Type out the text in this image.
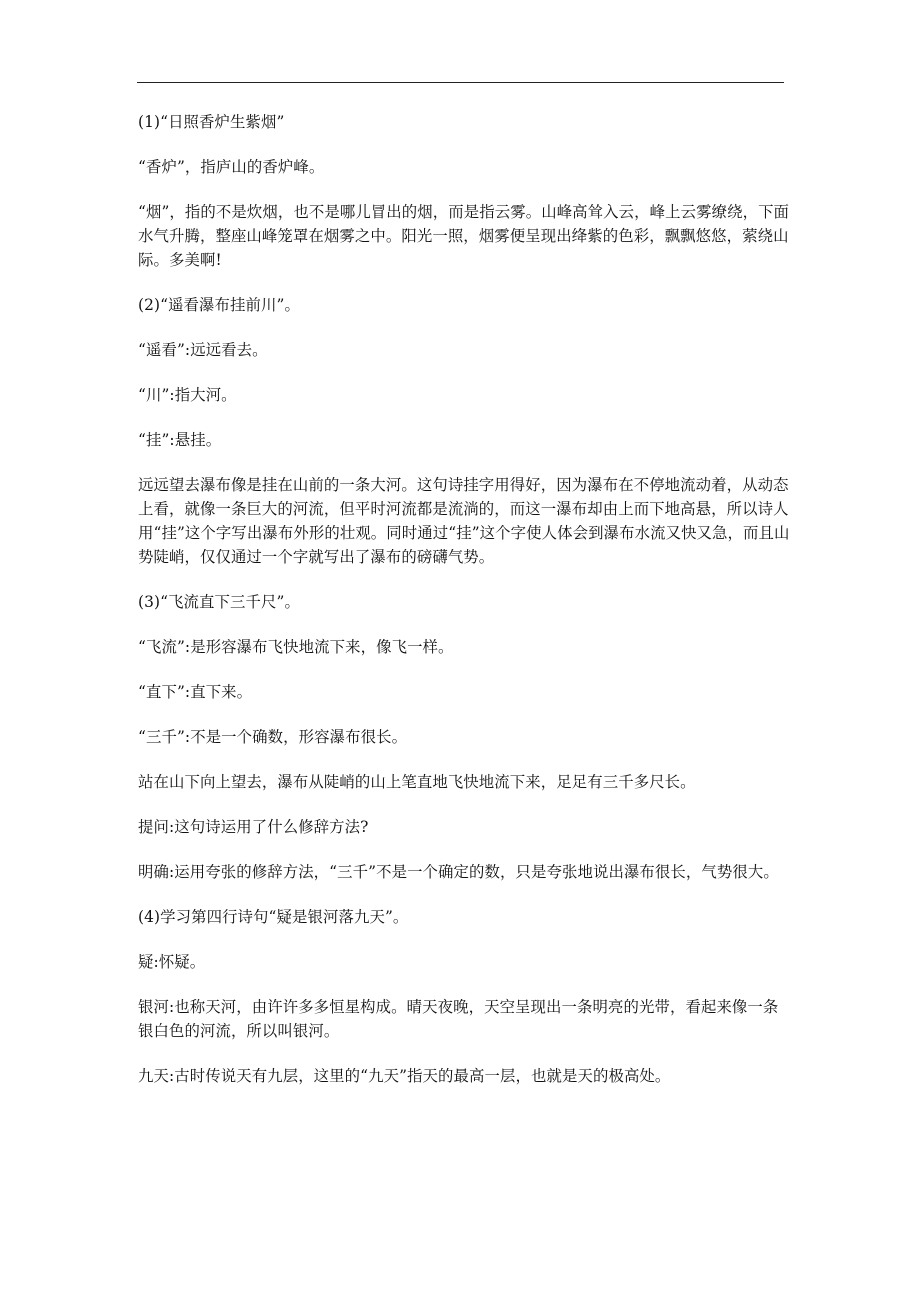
(1)“日照香炉生紫烟”

“香炉”，指庐山的香炉峰。

“烟”，指的不是炊烟，也不是哪儿冒出的烟，而是指云雾。山峰高耸入云，峰上云雾缭绕，下面水气升腾，整座山峰笼罩在烟雾之中。阳光一照，烟雾便呈现出绛紫的色彩，飘飘悠悠，萦绕山际。多美啊!

(2)“遥看瀑布挂前川”。

“遥看”:远远看去。

“川”:指大河。

“挂”:悬挂。

远远望去瀑布像是挂在山前的一条大河。这句诗挂字用得好，因为瀑布在不停地流动着，从动态上看，就像一条巨大的河流，但平时河流都是流淌的，而这一瀑布却由上而下地高悬，所以诗人用“挂”这个字写出瀑布外形的壮观。同时通过“挂”这个字使人体会到瀑布水流又快又急，而且山势陡峭，仅仅通过一个字就写出了瀑布的磅礴气势。

(3)“飞流直下三千尺”。

“飞流”:是形容瀑布飞快地流下来，像飞一样。

“直下”:直下来。

“三千”:不是一个确数，形容瀑布很长。

站在山下向上望去，瀑布从陡峭的山上笔直地飞快地流下来，足足有三千多尺长。

提问:这句诗运用了什么修辞方法?

明确:运用夸张的修辞方法，“三千”不是一个确定的数，只是夸张地说出瀑布很长，气势很大。

(4)学习第四行诗句“疑是银河落九天”。

疑:怀疑。

银河:也称天河，由许许多多恒星构成。晴天夜晚，天空呈现出一条明亮的光带，看起来像一条银白色的河流，所以叫银河。

九天:古时传说天有九层，这里的“九天”指天的最高一层，也就是天的极高处。
